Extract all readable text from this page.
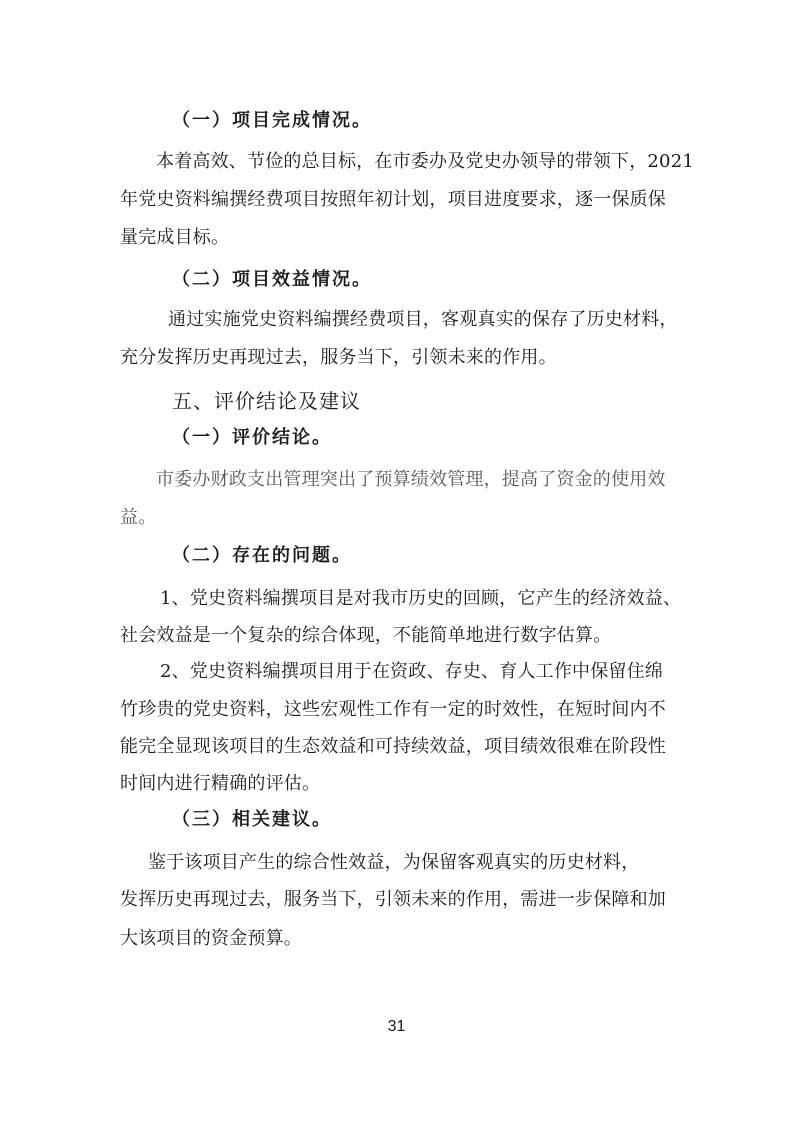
（一）项目完成情况。
本着高效、节俭的总目标，在市委办及党史办领导的带领下，2021
年党史资料编撰经费项目按照年初计划，项目进度要求，逐一保质保
量完成目标。
（二）项目效益情况。
通过实施党史资料编撰经费项目，客观真实的保存了历史材料，
充分发挥历史再现过去，服务当下，引领未来的作用。
五、评价结论及建议
（一）评价结论。
市委办财政支出管理突出了预算绩效管理，提高了资金的使用效
益。
（二）存在的问题。
1、党史资料编撰项目是对我市历史的回顾，它产生的经济效益、
社会效益是一个复杂的综合体现，不能简单地进行数字估算。
2、党史资料编撰项目用于在资政、存史、育人工作中保留住绵
竹珍贵的党史资料，这些宏观性工作有一定的时效性，在短时间内不
能完全显现该项目的生态效益和可持续效益，项目绩效很难在阶段性
时间内进行精确的评估。
（三）相关建议。
鉴于该项目产生的综合性效益，为保留客观真实的历史材料，
发挥历史再现过去，服务当下，引领未来的作用，需进一步保障和加
大该项目的资金预算。
31
